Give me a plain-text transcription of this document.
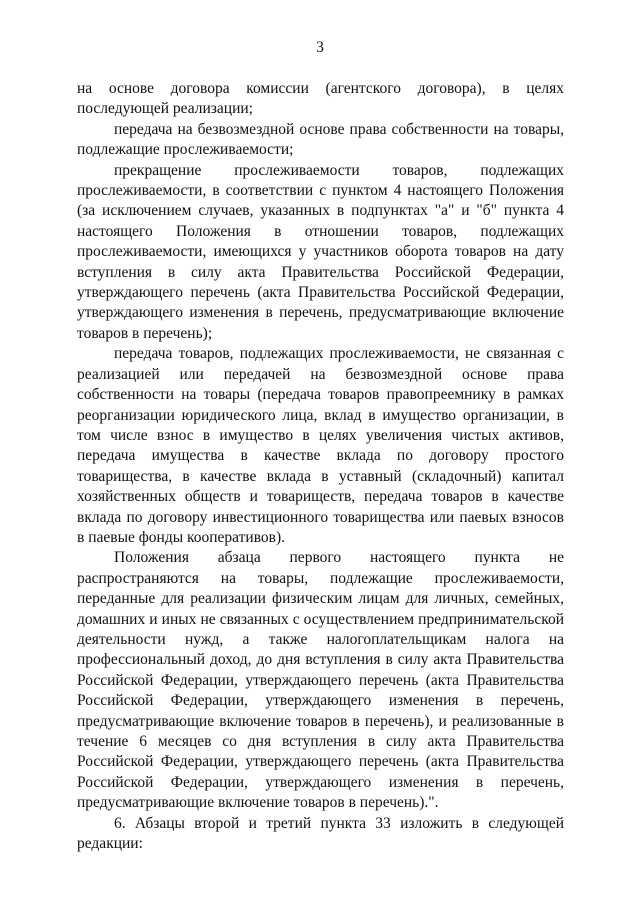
3

на основе договора комиссии (агентского договора), в целях последующей реализации;

передача на безвозмездной основе права собственности на товары, подлежащие прослеживаемости;

прекращение прослеживаемости товаров, подлежащих прослеживаемости, в соответствии с пунктом 4 настоящего Положения (за исключением случаев, указанных в подпунктах "а" и "б" пункта 4 настоящего Положения в отношении товаров, подлежащих прослеживаемости, имеющихся у участников оборота товаров на дату вступления в силу акта Правительства Российской Федерации, утверждающего перечень (акта Правительства Российской Федерации, утверждающего изменения в перечень, предусматривающие включение товаров в перечень);

передача товаров, подлежащих прослеживаемости, не связанная с реализацией или передачей на безвозмездной основе права собственности на товары (передача товаров правопреемнику в рамках реорганизации юридического лица, вклад в имущество организации, в том числе взнос в имущество в целях увеличения чистых активов, передача имущества в качестве вклада по договору простого товарищества, в качестве вклада в уставный (складочный) капитал хозяйственных обществ и товариществ, передача товаров в качестве вклада по договору инвестиционного товарищества или паевых взносов в паевые фонды кооперативов).

Положения абзаца первого настоящего пункта не распространяются на товары, подлежащие прослеживаемости, переданные для реализации физическим лицам для личных, семейных, домашних и иных не связанных с осуществлением предпринимательской деятельности нужд, а также налогоплательщикам налога на профессиональный доход, до дня вступления в силу акта Правительства Российской Федерации, утверждающего перечень (акта Правительства Российской Федерации, утверждающего изменения в перечень, предусматривающие включение товаров в перечень), и реализованные в течение 6 месяцев со дня вступления в силу акта Правительства Российской Федерации, утверждающего перечень (акта Правительства Российской Федерации, утверждающего изменения в перечень, предусматривающие включение товаров в перечень).".

6. Абзацы второй и третий пункта 33 изложить в следующей редакции:
